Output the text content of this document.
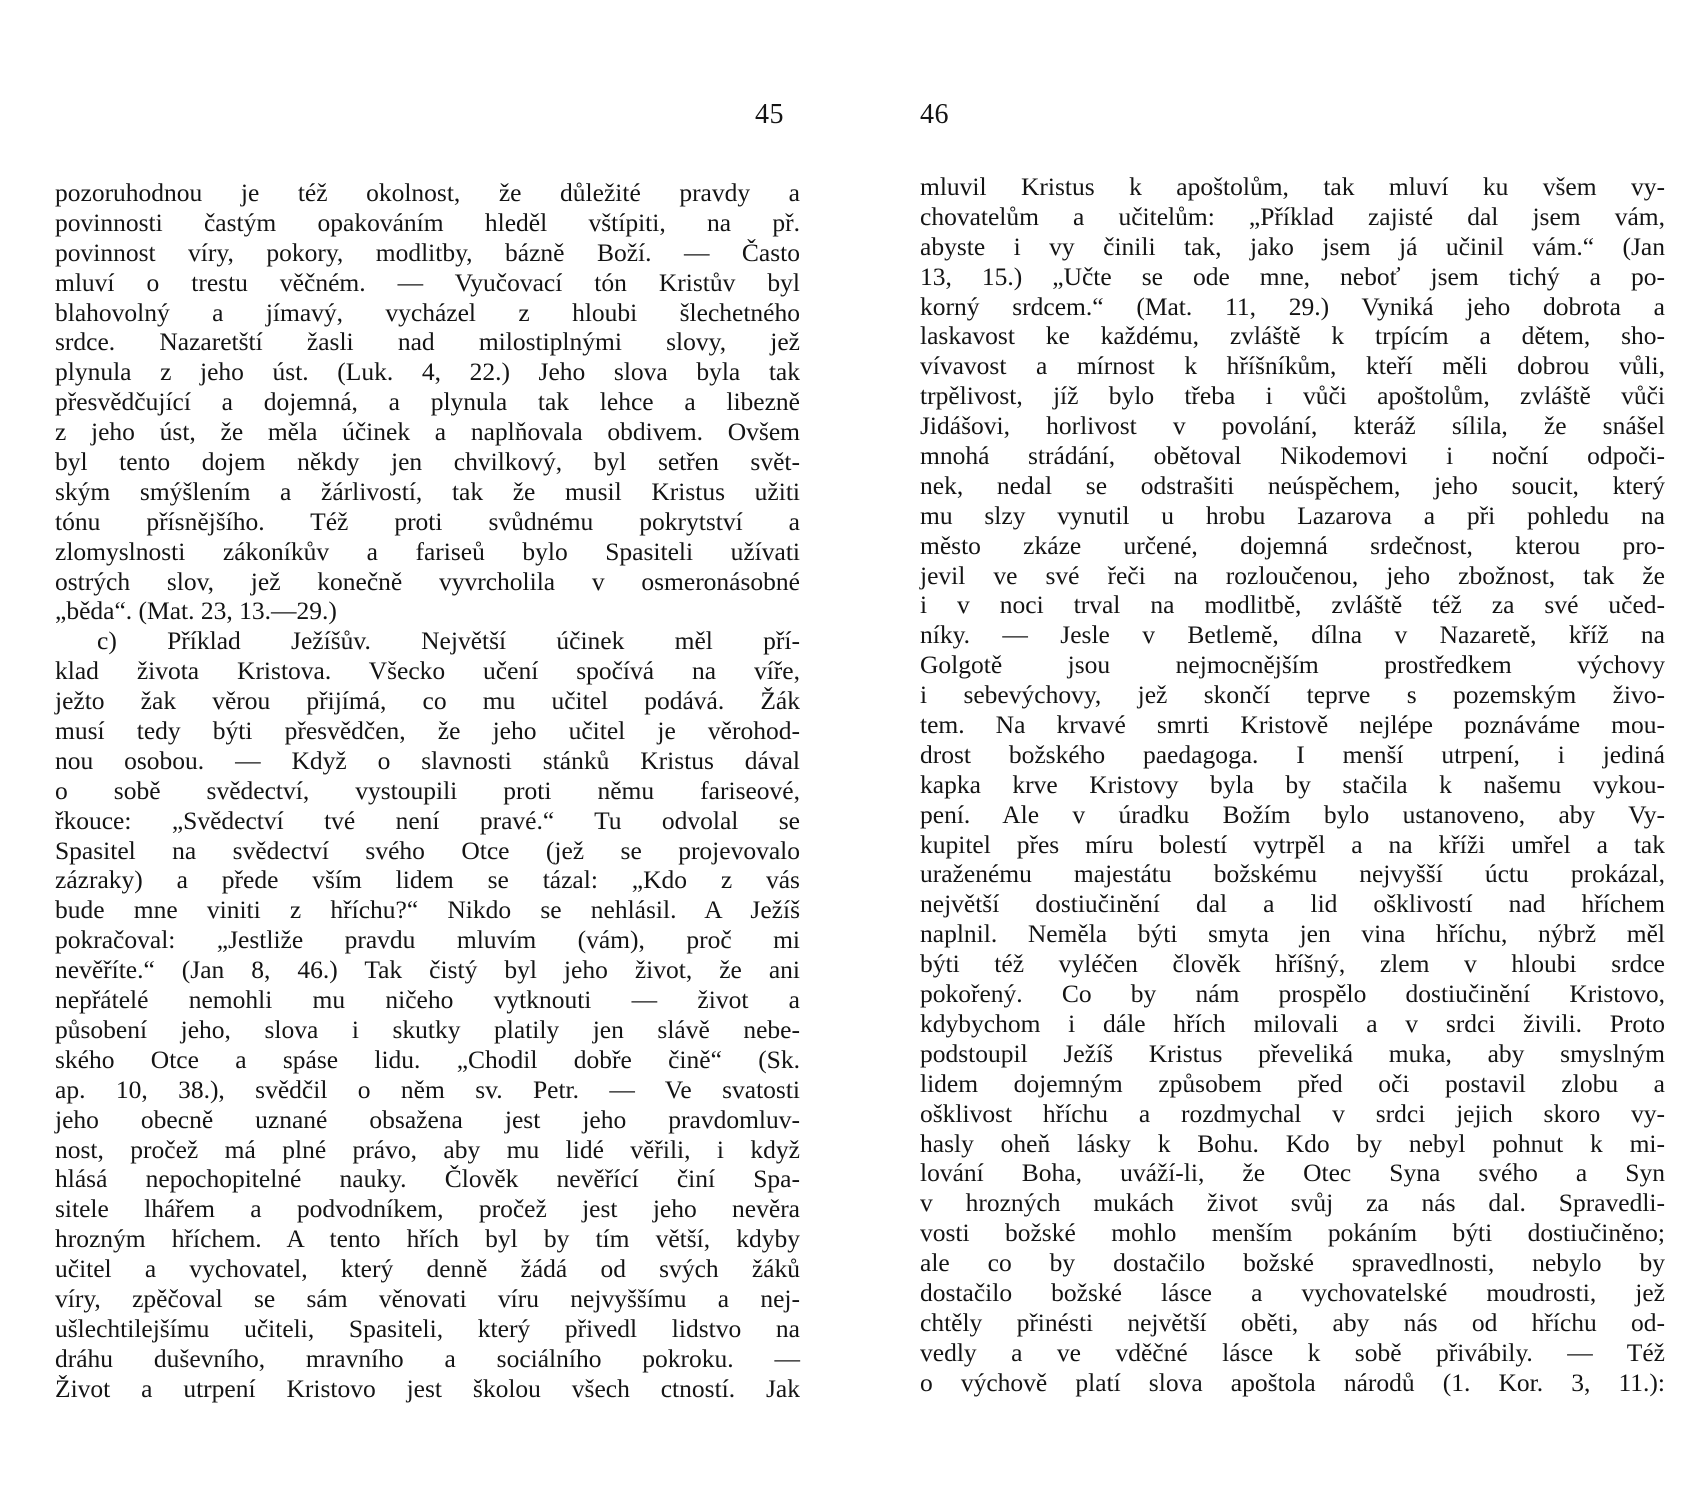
45
pozoruhodnou je též okolnost, že důležité pravdy a
povinnosti častým opakováním hleděl vštípiti, na př.
povinnost víry, pokory, modlitby, bázně Boží. — Často
mluví o trestu věčném. — Vyučovací tón Kristův byl
blahovolný a jímavý, vycházel z hloubi šlechetného
srdce. Nazaretští žasli nad milostiplnými slovy, jež
plynula z jeho úst. (Luk. 4, 22.) Jeho slova byla tak
přesvědčující a dojemná, a plynula tak lehce a libezně
z jeho úst, že měla účinek a naplňovala obdivem. Ovšem
byl tento dojem někdy jen chvilkový, byl setřen svět-
ským smýšlením a žárlivostí, tak že musil Kristus užiti
tónu přísnějšího. Též proti svůdnému pokrytství a
zlomyslnosti zákoníkův a fariseů bylo Spasiteli užívati
ostrých slov, jež konečně vyvrcholila v osmeronásobné
„běda“. (Mat. 23, 13.—29.)
c) Příklad Ježíšův. Největší účinek měl pří-
klad života Kristova. Všecko učení spočívá na víře,
ježto žak věrou přijímá, co mu učitel podává. Žák
musí tedy býti přesvědčen, že jeho učitel je věrohod-
nou osobou. — Když o slavnosti stánků Kristus dával
o sobě svědectví, vystoupili proti němu fariseové,
řkouce: „Svědectví tvé není pravé.“ Tu odvolal se
Spasitel na svědectví svého Otce (jež se projevovalo
zázraky) a přede vším lidem se tázal: „Kdo z vás
bude mne viniti z hříchu?“ Nikdo se nehlásil. A Ježíš
pokračoval: „Jestliže pravdu mluvím (vám), proč mi
nevěříte.“ (Jan 8, 46.) Tak čistý byl jeho život, že ani
nepřátelé nemohli mu ničeho vytknouti — život a
působení jeho, slova i skutky platily jen slávě nebe-
ského Otce a spáse lidu. „Chodil dobře čině“ (Sk.
ap. 10, 38.), svědčil o něm sv. Petr. — Ve svatosti
jeho obecně uznané obsažena jest jeho pravdomluv-
nost, pročež má plné právo, aby mu lidé věřili, i když
hlásá nepochopitelné nauky. Člověk nevěřící činí Spa-
sitele lhářem a podvodníkem, pročež jest jeho nevěra
hrozným hříchem. A tento hřích byl by tím větší, kdyby
učitel a vychovatel, který denně žádá od svých žáků
víry, zpěčoval se sám věnovati víru nejvyššímu a nej-
ušlechtilejšímu učiteli, Spasiteli, který přivedl lidstvo na
dráhu duševního, mravního a sociálního pokroku. —
Život a utrpení Kristovo jest školou všech ctností. Jak
46
mluvil Kristus k apoštolům, tak mluví ku všem vy-
chovatelům a učitelům: „Příklad zajisté dal jsem vám,
abyste i vy činili tak, jako jsem já učinil vám.“ (Jan
13, 15.) „Učte se ode mne, neboť jsem tichý a po-
korný srdcem.“ (Mat. 11, 29.) Vyniká jeho dobrota a
laskavost ke každému, zvláště k trpícím a dětem, sho-
vívavost a mírnost k hříšníkům, kteří měli dobrou vůli,
trpělivost, jíž bylo třeba i vůči apoštolům, zvláště vůči
Jidášovi, horlivost v povolání, kteráž sílila, že snášel
mnohá strádání, obětoval Nikodemovi i noční odpoči-
nek, nedal se odstrašiti neúspěchem, jeho soucit, který
mu slzy vynutil u hrobu Lazarova a při pohledu na
město zkáze určené, dojemná srdečnost, kterou pro-
jevil ve své řeči na rozloučenou, jeho zbožnost, tak že
i v noci trval na modlitbě, zvláště též za své učed-
níky. — Jesle v Betlemě, dílna v Nazaretě, kříž na
Golgotě jsou nejmocnějším prostředkem výchovy
i sebevýchovy, jež skončí teprve s pozemským živo-
tem. Na krvavé smrti Kristově nejlépe poznáváme mou-
drost božského paedagoga. I menší utrpení, i jediná
kapka krve Kristovy byla by stačila k našemu vykou-
pení. Ale v úradku Božím bylo ustanoveno, aby Vy-
kupitel přes míru bolestí vytrpěl a na kříži umřel a tak
uraženému majestátu božskému nejvyšší úctu prokázal,
největší dostiučinění dal a lid ošklivostí nad hříchem
naplnil. Neměla býti smyta jen vina hříchu, nýbrž měl
býti též vyléčen člověk hříšný, zlem v hloubi srdce
pokořený. Co by nám prospělo dostiučinění Kristovo,
kdybychom i dále hřích milovali a v srdci živili. Proto
podstoupil Ježíš Kristus převeliká muka, aby smyslným
lidem dojemným způsobem před oči postavil zlobu a
ošklivost hříchu a rozdmychal v srdci jejich skoro vy-
hasly oheň lásky k Bohu. Kdo by nebyl pohnut k mi-
lování Boha, uváží-li, že Otec Syna svého a Syn
v hrozných mukách život svůj za nás dal. Spravedli-
vosti božské mohlo menším pokáním býti dostiučiněno;
ale co by dostačilo božské spravedlnosti, nebylo by
dostačilo božské lásce a vychovatelské moudrosti, jež
chtěly přinésti největší oběti, aby nás od hříchu od-
vedly a ve vděčné lásce k sobě přivábily. — Též
o výchově platí slova apoštola národů (1. Kor. 3, 11.):
